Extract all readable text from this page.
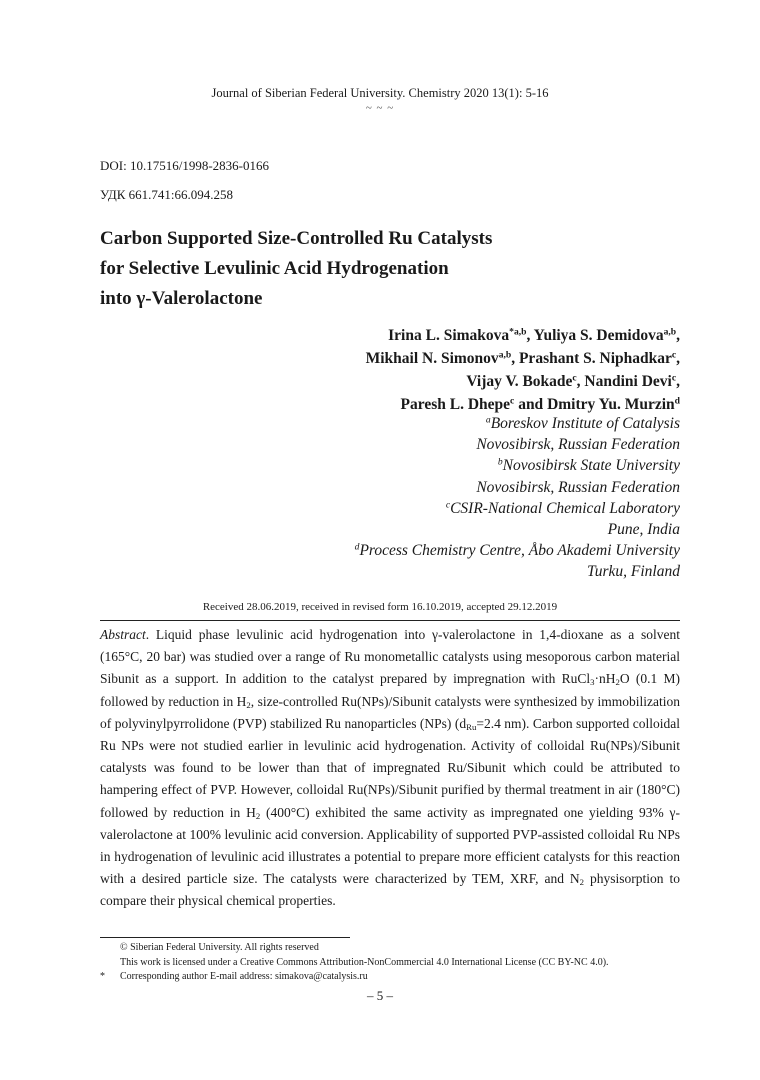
Journal of Siberian Federal University. Chemistry 2020 13(1): 5-16
~ ~ ~
DOI: 10.17516/1998-2836-0166
УДК 661.741:66.094.258
Carbon Supported Size-Controlled Ru Catalysts
for Selective Levulinic Acid Hydrogenation
into γ-Valerolactone
Irina L. Simakova$^{*a,b}$, Yuliya S. Demidova$^{a,b}$,
Mikhail N. Simonov$^{a,b}$, Prashant S. Niphadkar$^c$,
Vijay V. Bokade$^c$, Nandini Devi$^c$,
Paresh L. Dhepe$^c$ and Dmitry Yu. Murzin$^d$
$^a$Boreskov Institute of Catalysis
Novosibirsk, Russian Federation
$^b$Novosibirsk State University
Novosibirsk, Russian Federation
$^c$CSIR-National Chemical Laboratory
Pune, India
$^d$Process Chemistry Centre, Åbo Akademi University
Turku, Finland
Received 28.06.2019, received in revised form 16.10.2019, accepted 29.12.2019
Abstract. Liquid phase levulinic acid hydrogenation into γ-valerolactone in 1,4-dioxane as a solvent (165°C, 20 bar) was studied over a range of Ru monometallic catalysts using mesoporous carbon material Sibunit as a support. In addition to the catalyst prepared by impregnation with $RuCl_3\cdot nH_2O$ (0.1 M) followed by reduction in $H_2$, size-controlled Ru(NPs)/Sibunit catalysts were synthesized by immobilization of polyvinylpyrrolidone (PVP) stabilized Ru nanoparticles (NPs) ($d_{Ru}=2.4$ nm). Carbon supported colloidal Ru NPs were not studied earlier in levulinic acid hydrogenation. Activity of colloidal Ru(NPs)/Sibunit catalysts was found to be lower than that of impregnated Ru/Sibunit which could be attributed to hampering effect of PVP. However, colloidal Ru(NPs)/Sibunit purified by thermal treatment in air (180°C) followed by reduction in $H_2$ (400°C) exhibited the same activity as impregnated one yielding 93% γ-valerolactone at 100% levulinic acid conversion. Applicability of supported PVP-assisted colloidal Ru NPs in hydrogenation of levulinic acid illustrates a potential to prepare more efficient catalysts for this reaction with a desired particle size. The catalysts were characterized by TEM, XRF, and $N_2$ physisorption to compare their physical chemical properties.
© Siberian Federal University. All rights reserved
This work is licensed under a Creative Commons Attribution-NonCommercial 4.0 International License (CC BY-NC 4.0).
*	Corresponding author E-mail address: simakova@catalysis.ru
– 5 –
